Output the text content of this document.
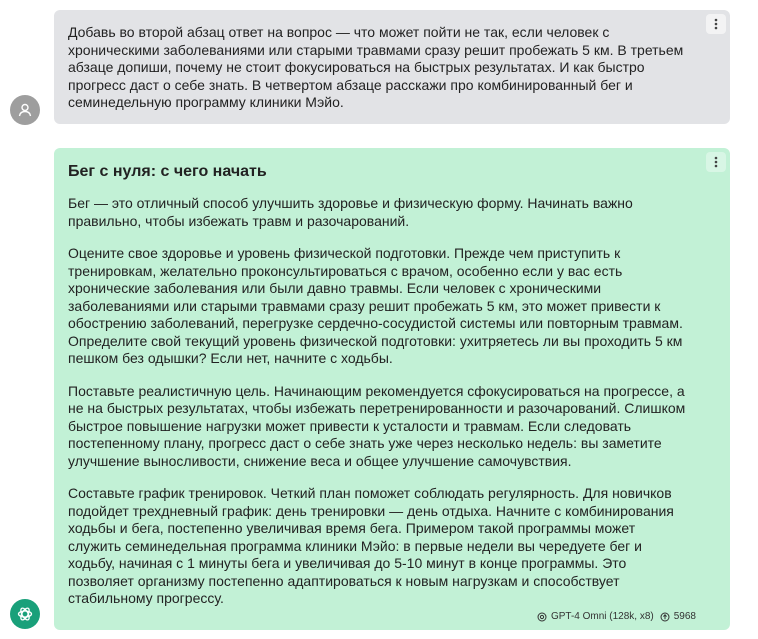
Добавь во второй абзац ответ на вопрос — что может пойти не так, если человек с хроническими заболеваниями или старыми травмами сразу решит пробежать 5 км. В третьем абзаце допиши, почему не стоит фокусироваться на быстрых результатах. И как быстро прогресс даст о себе знать. В четвертом абзаце расскажи про комбинированный бег и семинедельную программу клиники Мэйо.

Бег с нуля: с чего начать

Бег — это отличный способ улучшить здоровье и физическую форму. Начинать важно правильно, чтобы избежать травм и разочарований.

Оцените свое здоровье и уровень физической подготовки. Прежде чем приступить к тренировкам, желательно проконсультироваться с врачом, особенно если у вас есть хронические заболевания или были давно травмы. Если человек с хроническими заболеваниями или старыми травмами сразу решит пробежать 5 км, это может привести к обострению заболеваний, перегрузке сердечно-сосудистой системы или повторным травмам. Определите свой текущий уровень физической подготовки: ухитряетесь ли вы проходить 5 км пешком без одышки? Если нет, начните с ходьбы.

Поставьте реалистичную цель. Начинающим рекомендуется сфокусироваться на прогрессе, а не на быстрых результатах, чтобы избежать перетренированности и разочарований. Слишком быстрое повышение нагрузки может привести к усталости и травмам. Если следовать постепенному плану, прогресс даст о себе знать уже через несколько недель: вы заметите улучшение выносливости, снижение веса и общее улучшение самочувствия.

Составьте график тренировок. Четкий план поможет соблюдать регулярность. Для новичков подойдет трехдневный график: день тренировки — день отдыха. Начните с комбинирования ходьбы и бега, постепенно увеличивая время бега. Примером такой программы может служить семинедельная программа клиники Мэйо: в первые недели вы чередуете бег и ходьбу, начиная с 1 минуты бега и увеличивая до 5-10 минут в конце программы. Это позволяет организму постепенно адаптироваться к новым нагрузкам и способствует стабильному прогрессу.

GPT-4 Omni (128k, x8) 5968
